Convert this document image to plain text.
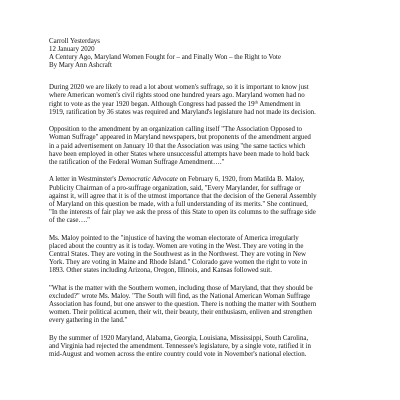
Carroll Yesterdays
12 January 2020
A Century Ago, Maryland Women Fought for – and Finally Won – the Right to Vote
By Mary Ann Ashcraft
During 2020 we are likely to read a lot about women's suffrage, so it is important to know just
where American women's civil rights stood one hundred years ago. Maryland women had no
right to vote as the year 1920 began. Although Congress had passed the 19th Amendment in
1919, ratification by 36 states was required and Maryland's legislature had not made its decision.
Opposition to the amendment by an organization calling itself "The Association Opposed to
Woman Suffrage" appeared in Maryland newspapers, but proponents of the amendment argued
in a paid advertisement on January 10 that the Association was using "the same tactics which
have been employed in other States where unsuccessful attempts have been made to hold back
the ratification of the Federal Woman Suffrage Amendment…."
A letter in Westminster's Democratic Advocate on February 6, 1920, from Matilda B. Maloy,
Publicity Chairman of a pro-suffrage organization, said, "Every Marylander, for suffrage or
against it, will agree that it is of the utmost importance that the decision of the General Assembly
of Maryland on this question be made, with a full understanding of its merits." She continued,
"In the interests of fair play we ask the press of this State to open its columns to the suffrage side
of the case…."
Ms. Maloy pointed to the "injustice of having the woman electorate of America irregularly
placed about the country as it is today. Women are voting in the West. They are voting in the
Central States. They are voting in the Southwest as in the Northwest. They are voting in New
York. They are voting in Maine and Rhode Island." Colorado gave women the right to vote in
1893. Other states including Arizona, Oregon, Illinois, and Kansas followed suit.
"What is the matter with the Southern women, including those of Maryland, that they should be
excluded?" wrote Ms. Maloy. "The South will find, as the National American Woman Suffrage
Association has found, but one answer to the question. There is nothing the matter with Southern
women. Their political acumen, their wit, their beauty, their enthusiasm, enliven and strengthen
every gathering in the land."
By the summer of 1920 Maryland, Alabama, Georgia, Louisiana, Mississippi, South Carolina,
and Virginia had rejected the amendment. Tennessee's legislature, by a single vote, ratified it in
mid-August and women across the entire country could vote in November's national election.
